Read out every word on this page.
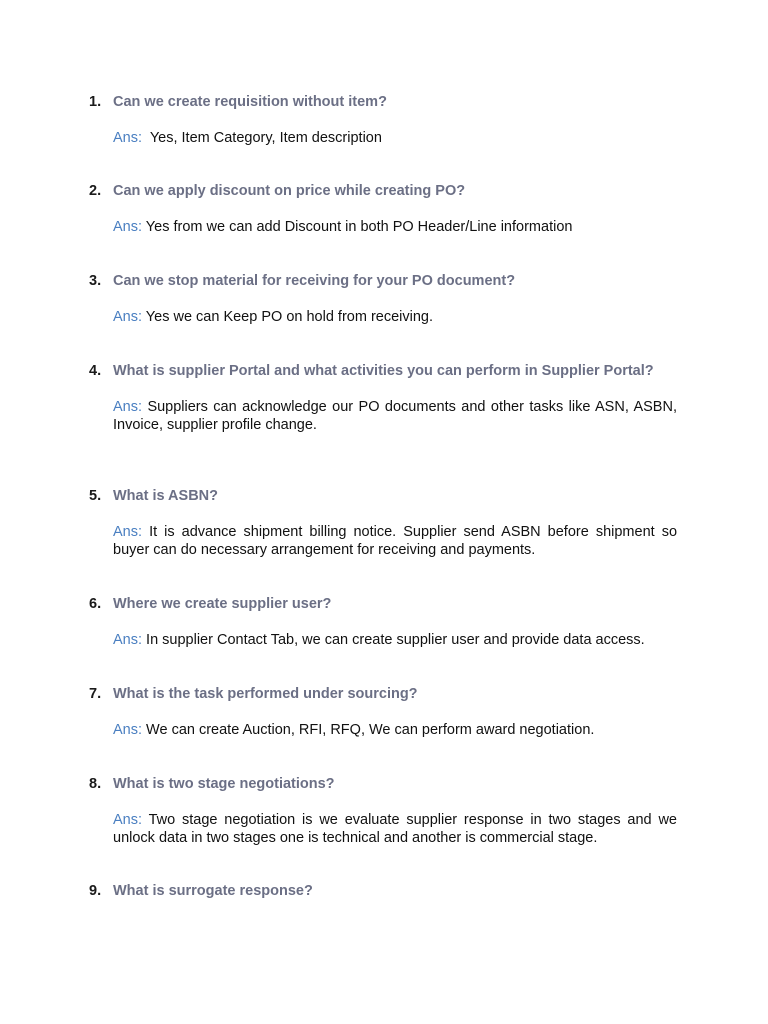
1. Can we create requisition without item?
Ans:  Yes, Item Category, Item description
2. Can we apply discount on price while creating PO?
Ans: Yes from we can add Discount in both PO Header/Line information
3. Can we stop material for receiving for your PO document?
Ans: Yes we can Keep PO on hold from receiving.
4. What is supplier Portal and what activities you can perform in Supplier Portal?
Ans: Suppliers can acknowledge our PO documents and other tasks like ASN, ASBN, Invoice, supplier profile change.
5. What is ASBN?
Ans: It is advance shipment billing notice. Supplier send ASBN before shipment so buyer can do necessary arrangement for receiving and payments.
6. Where we create supplier user?
Ans: In supplier Contact Tab, we can create supplier user and provide data access.
7. What is the task performed under sourcing?
Ans: We can create Auction, RFI, RFQ, We can perform award negotiation.
8. What is two stage negotiations?
Ans: Two stage negotiation is we evaluate supplier response in two stages and we unlock data in two stages one is technical and another is commercial stage.
9. What is surrogate response?
